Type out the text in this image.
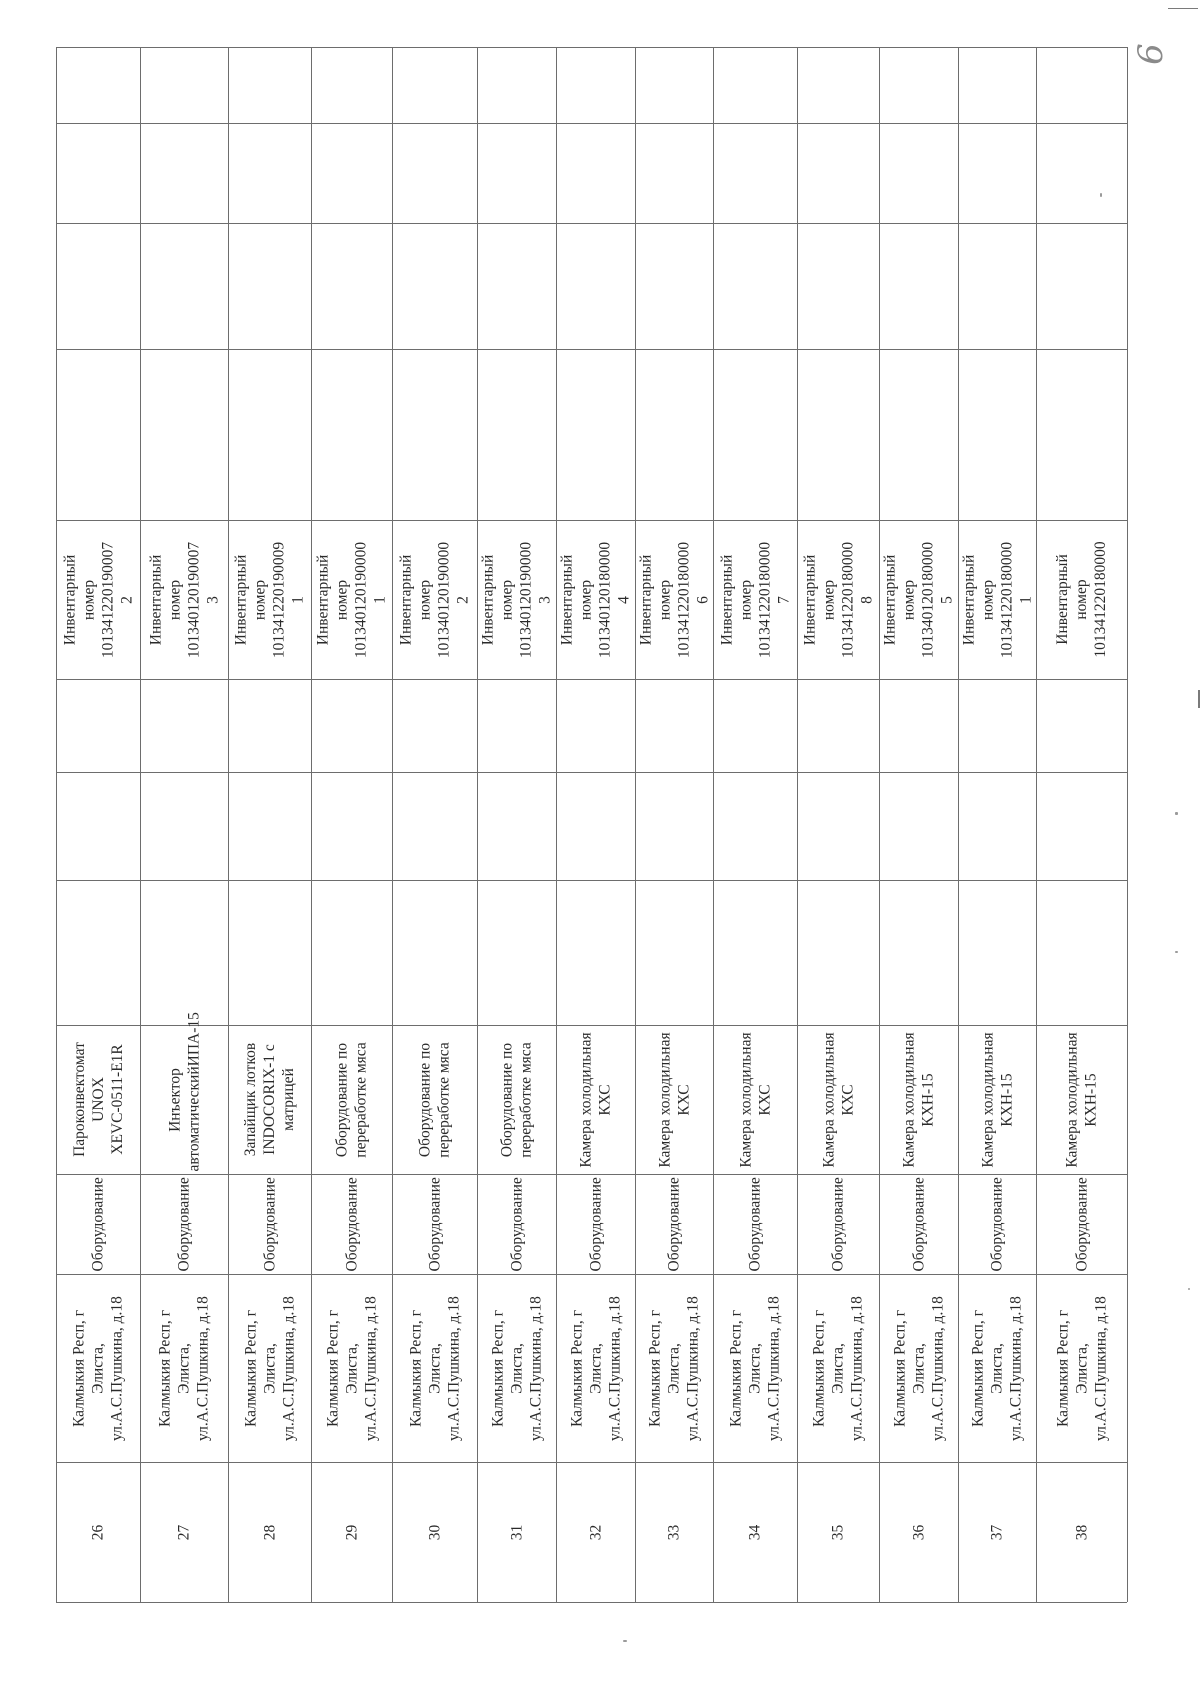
26
Калмыкия Респ, г
Элиста,
ул.А.С.Пушкина, д.18
Оборудование
Пароконвектомат UNOX
XEVC-0511-E1R
Инвентарный
номер
101341220190007
2
27
Калмыкия Респ, г
Элиста,
ул.А.С.Пушкина, д.18
Оборудование
Инъектор
автоматическийИПА-15
Инвентарный
номер
101340120190007
3
28
Калмыкия Респ, г
Элиста,
ул.А.С.Пушкина, д.18
Оборудование
Запайщик лотков
INDOCORIX-1 с
матрицей
Инвентарный
номер
101341220190009
1
29
Калмыкия Респ, г
Элиста,
ул.А.С.Пушкина, д.18
Оборудование
Оборудование по
переработке мяса
Инвентарный
номер
101340120190000
1
30
Калмыкия Респ, г
Элиста,
ул.А.С.Пушкина, д.18
Оборудование
Оборудование по
переработке мяса
Инвентарный
номер
101340120190000
2
31
Калмыкия Респ, г
Элиста,
ул.А.С.Пушкина, д.18
Оборудование
Оборудование по
переработке мяса
Инвентарный
номер
101340120190000
3
32
Калмыкия Респ, г
Элиста,
ул.А.С.Пушкина, д.18
Оборудование
Камера холодильная КХС
Инвентарный
номер
101340120180000
4
33
Калмыкия Респ, г
Элиста,
ул.А.С.Пушкина, д.18
Оборудование
Камера холодильная КХС
Инвентарный
номер
101341220180000
6
34
Калмыкия Респ, г
Элиста,
ул.А.С.Пушкина, д.18
Оборудование
Камера холодильная КХС
Инвентарный
номер
101341220180000
7
35
Калмыкия Респ, г
Элиста,
ул.А.С.Пушкина, д.18
Оборудование
Камера холодильная КХС
Инвентарный
номер
101341220180000
8
36
Калмыкия Респ, г
Элиста,
ул.А.С.Пушкина, д.18
Оборудование
Камера холодильная
КХН-15
Инвентарный
номер
101340120180000
5
37
Калмыкия Респ, г
Элиста,
ул.А.С.Пушкина, д.18
Оборудование
Камера холодильная
КХН-15
Инвентарный
номер
101341220180000
1
38
Калмыкия Респ, г
Элиста,
ул.А.С.Пушкина, д.18
Оборудование
Камера холодильная
КХН-15
Инвентарный
номер
101341220180000
6
